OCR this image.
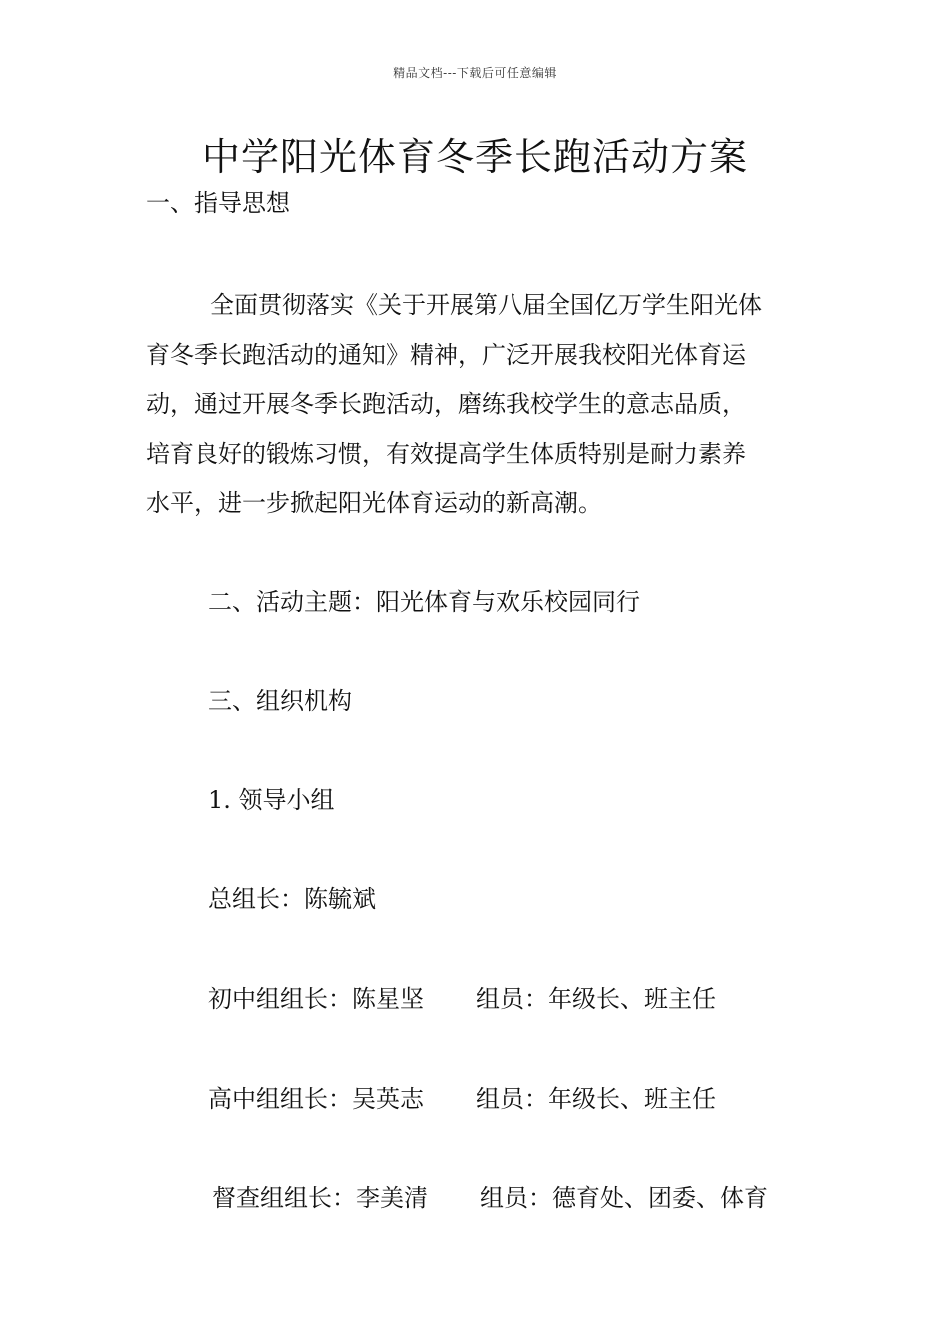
精品文档---下载后可任意编辑
中学阳光体育冬季长跑活动方案
一、指导思想
全面贯彻落实《关于开展第八届全国亿万学生阳光体
育冬季长跑活动的通知》精神，广泛开展我校阳光体育运
动，通过开展冬季长跑活动，磨练我校学生的意志品质，
培育良好的锻炼习惯，有效提高学生体质特别是耐力素养
水平，进一步掀起阳光体育运动的新高潮。
二、活动主题：阳光体育与欢乐校园同行
三、组织机构
1. 领导小组
总组长：陈毓斌
初中组组长：陈星坚 组员：年级长、班主任
高中组组长：吴英志 组员：年级长、班主任
督查组组长：李美清 组员：德育处、团委、体育
